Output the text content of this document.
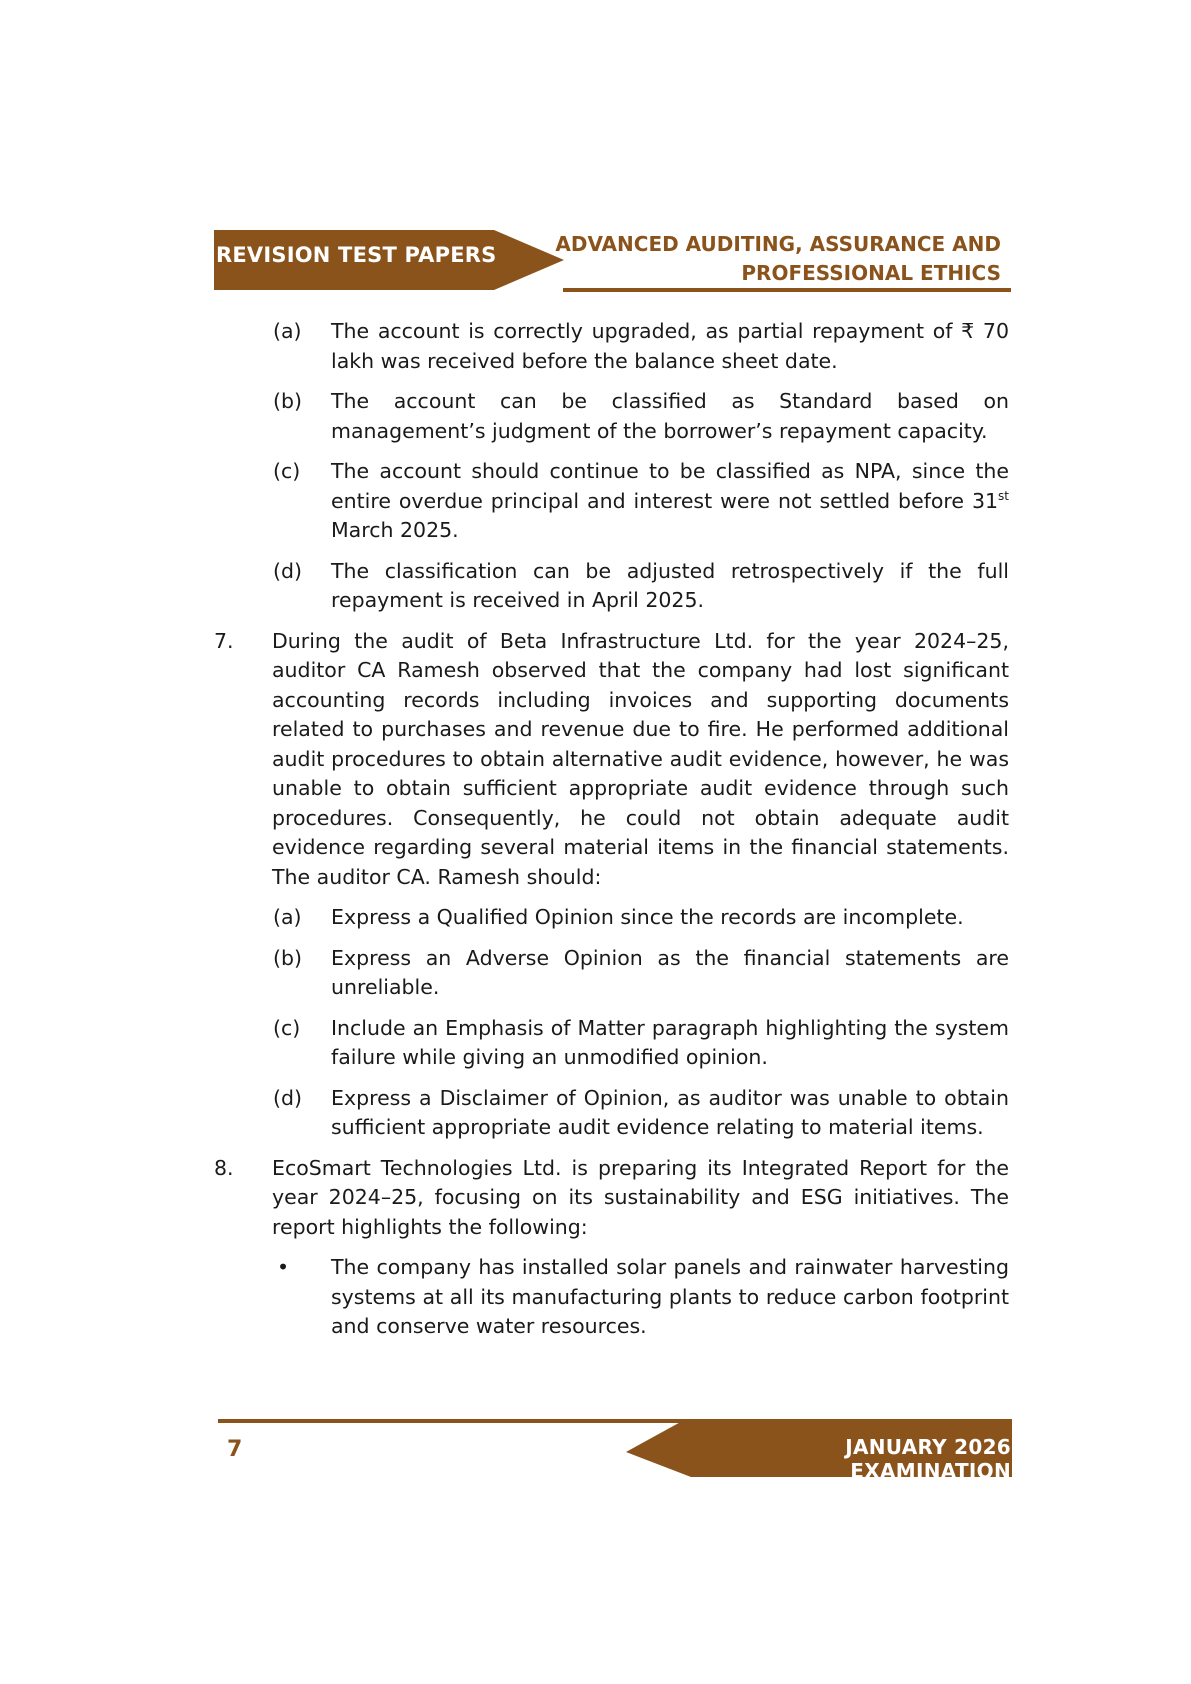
REVISION TEST PAPERS	ADVANCED AUDITING, ASSURANCE AND
PROFESSIONAL ETHICS
(a)	The account is correctly upgraded, as partial repayment of ₹ 70 lakh was received before the balance sheet date.
(b)	The account can be classified as Standard based on management’s judgment of the borrower’s repayment capacity.
(c)	The account should continue to be classified as NPA, since the entire overdue principal and interest were not settled before 31st March 2025.
(d)	The classification can be adjusted retrospectively if the full repayment is received in April 2025.
7.	During the audit of Beta Infrastructure Ltd. for the year 2024–25, auditor CA Ramesh observed that the company had lost significant accounting records including invoices and supporting documents related to purchases and revenue due to fire. He performed additional audit procedures to obtain alternative audit evidence, however, he was unable to obtain sufficient appropriate audit evidence through such procedures. Consequently, he could not obtain adequate audit evidence regarding several material items in the financial statements. The auditor CA. Ramesh should:
(a)	Express a Qualified Opinion since the records are incomplete.
(b)	Express an Adverse Opinion as the financial statements are unreliable.
(c)	Include an Emphasis of Matter paragraph highlighting the system failure while giving an unmodified opinion.
(d)	Express a Disclaimer of Opinion, as auditor was unable to obtain sufficient appropriate audit evidence relating to material items.
8.	EcoSmart Technologies Ltd. is preparing its Integrated Report for the year 2024–25, focusing on its sustainability and ESG initiatives. The report highlights the following:
•	The company has installed solar panels and rainwater harvesting systems at all its manufacturing plants to reduce carbon footprint and conserve water resources.
JANUARY 2026 EXAMINATION
7
